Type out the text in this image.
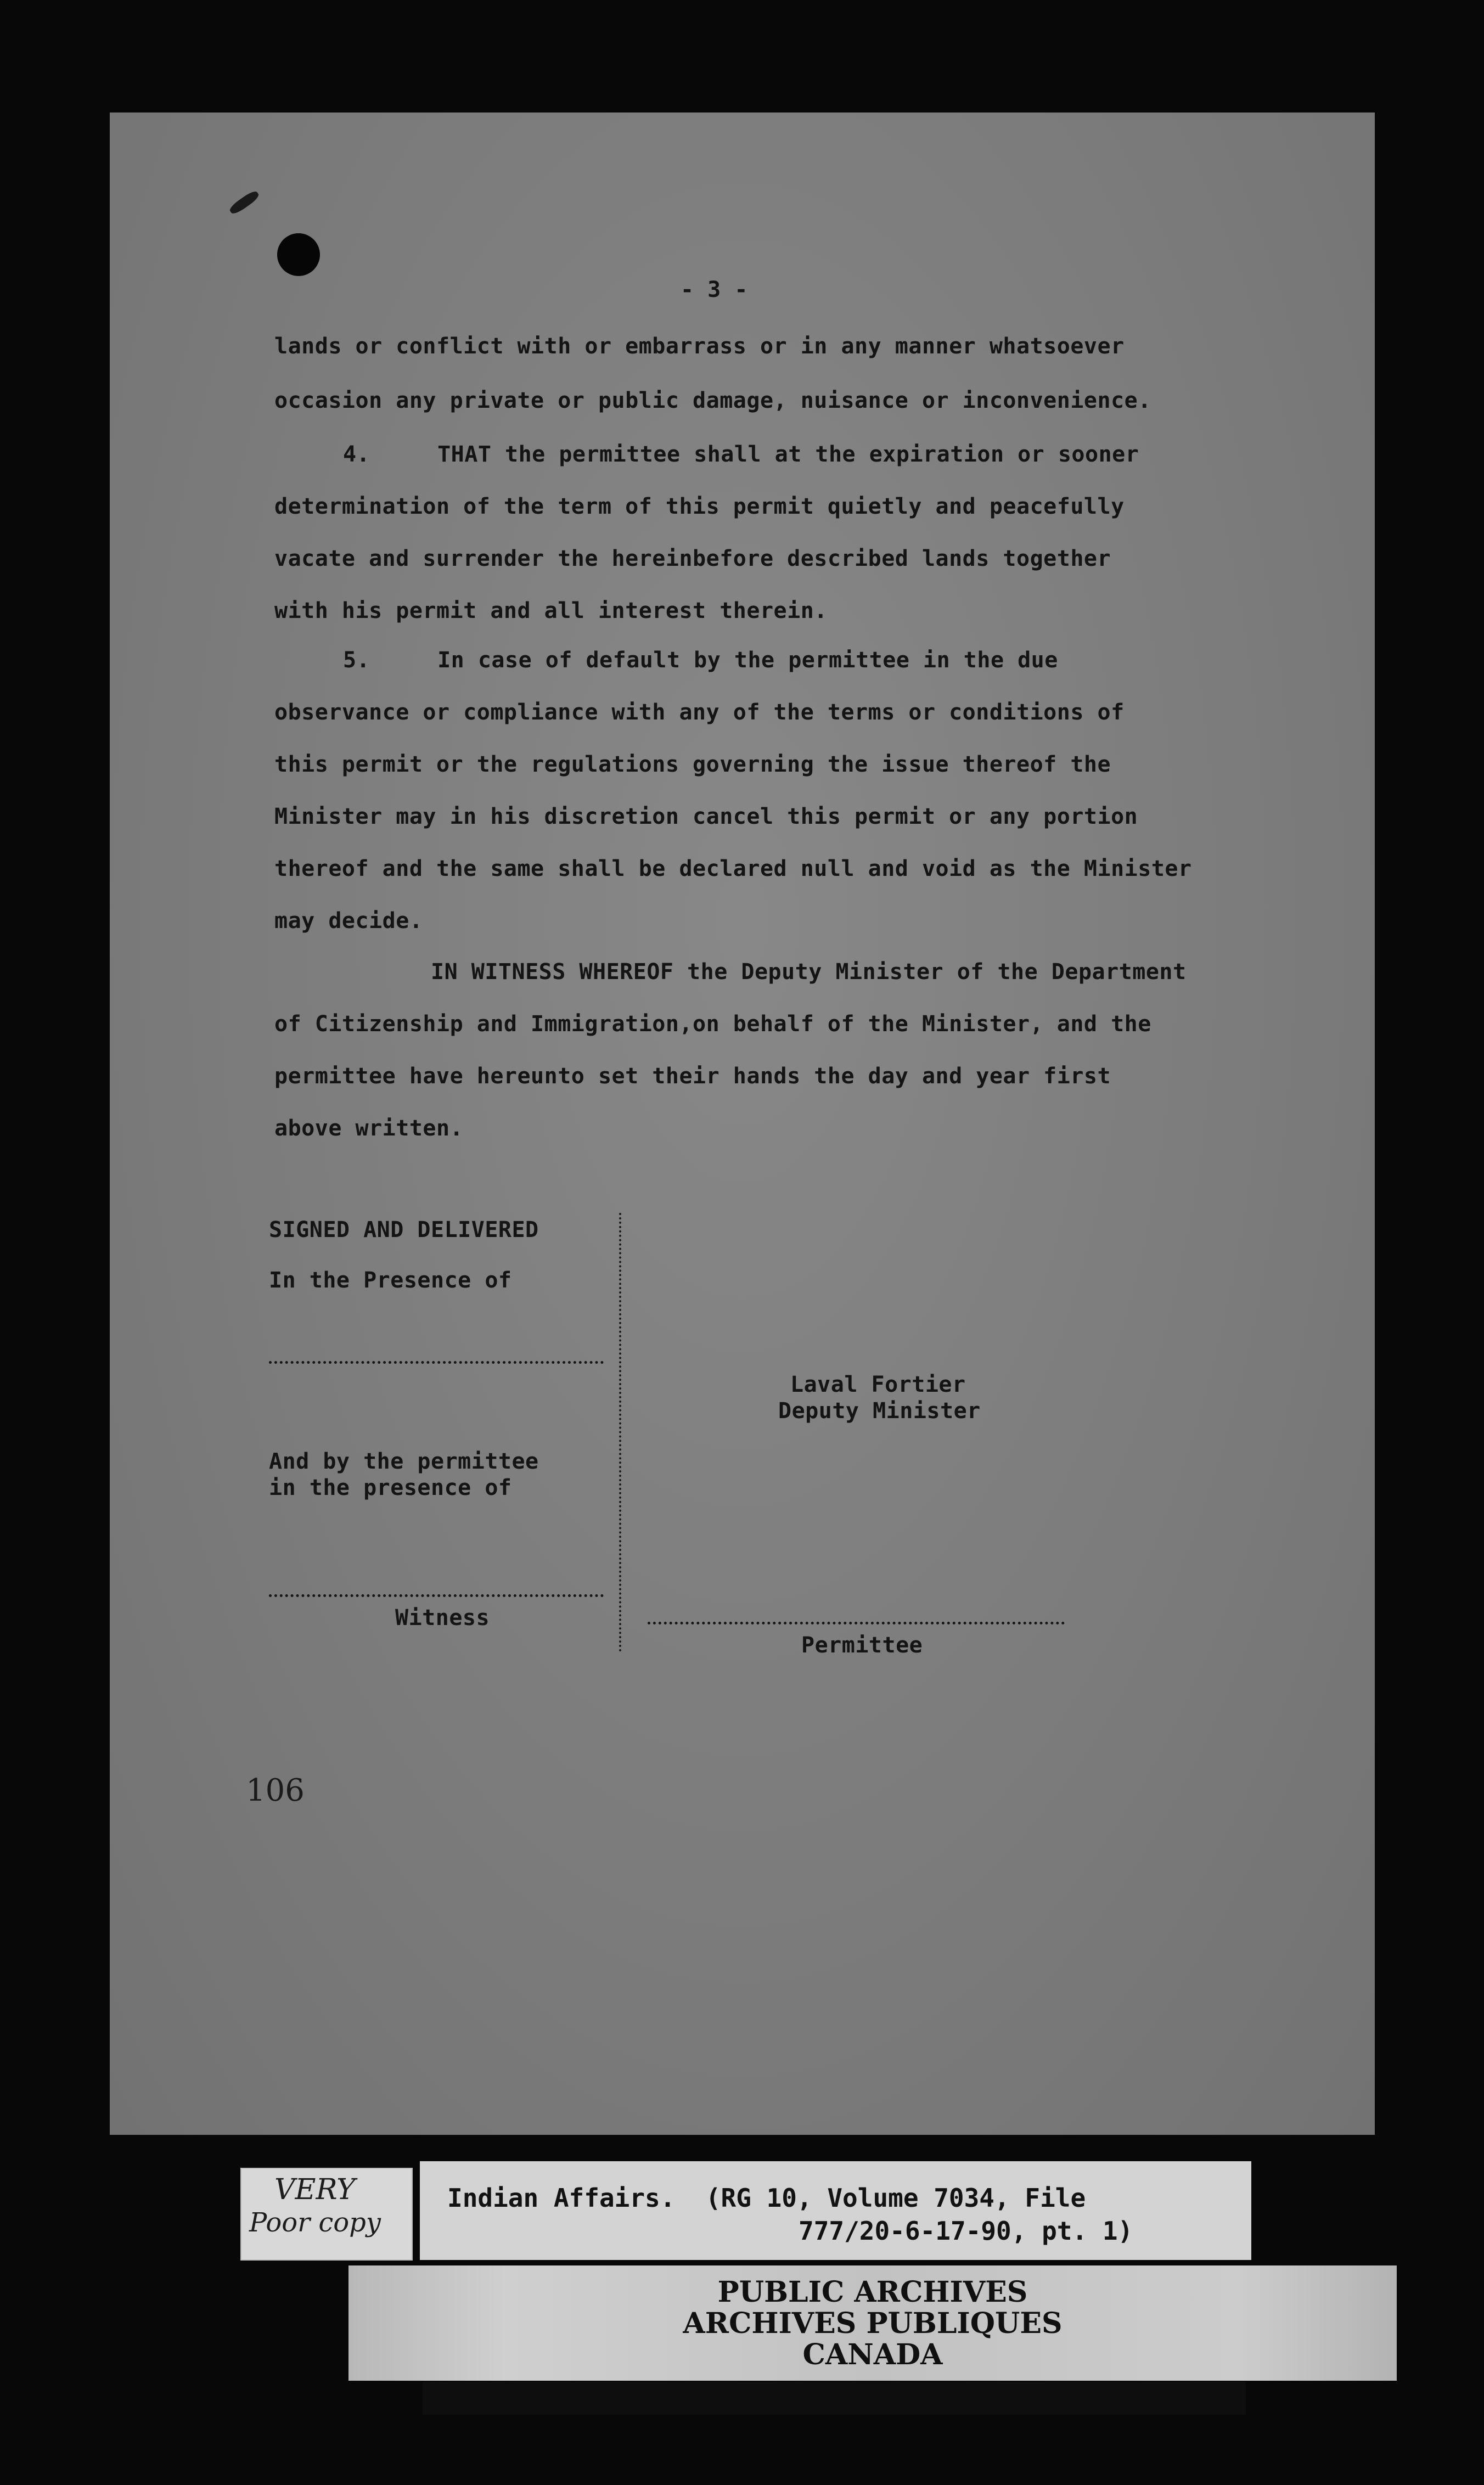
- 3 -
lands or conflict with or embarrass or in any manner whatsoever
occasion any private or public damage, nuisance or inconvenience.
4.     THAT the permittee shall at the expiration or sooner
determination of the term of this permit quietly and peacefully
vacate and surrender the hereinbefore described lands together
with his permit and all interest therein.
5.     In case of default by the permittee in the due
observance or compliance with any of the terms or conditions of
this permit or the regulations governing the issue thereof the
Minister may in his discretion cancel this permit or any portion
thereof and the same shall be declared null and void as the Minister
may decide.
IN WITNESS WHEREOF the Deputy Minister of the Department
of Citizenship and Immigration,on behalf of the Minister, and the
permittee have hereunto set their hands the day and year first
above written.
SIGNED AND DELIVERED
In the Presence of
And by the permittee
in the presence of
Witness
Laval Fortier
Deputy Minister
Permittee
106
VERY
Poor copy
Indian Affairs.  (RG 10, Volume 7034, File
777/20-6-17-90, pt. 1)
PUBLIC ARCHIVES
ARCHIVES PUBLIQUES
CANADA
